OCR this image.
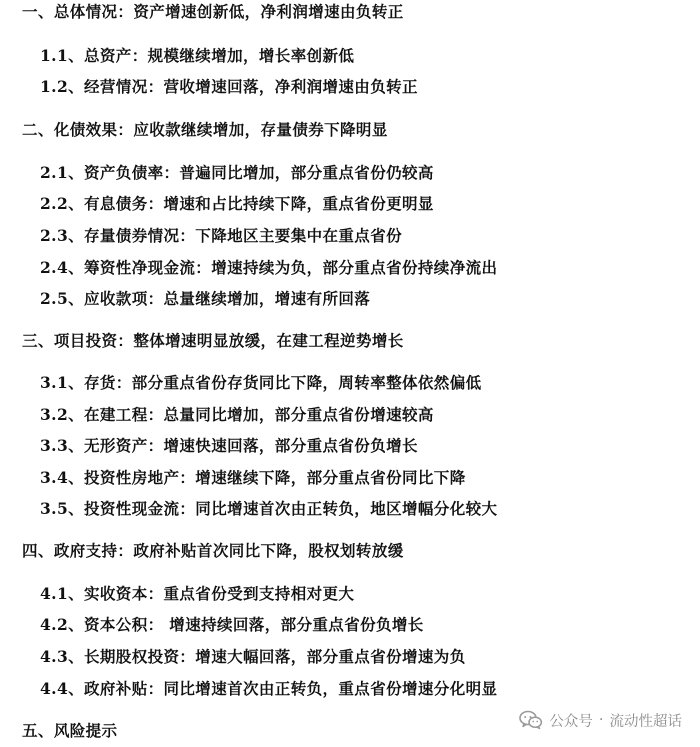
一、总体情况：资产增速创新低，净利润增速由负转正
1.1、总资产：规模继续增加，增长率创新低
1.2、经营情况：营收增速回落，净利润增速由负转正
二、化债效果：应收款继续增加，存量债券下降明显
2.1、资产负债率：普遍同比增加，部分重点省份仍较高
2.2、有息债务：增速和占比持续下降，重点省份更明显
2.3、存量债券情况：下降地区主要集中在重点省份
2.4、筹资性净现金流：增速持续为负，部分重点省份持续净流出
2.5、应收款项：总量继续增加，增速有所回落
三、项目投资：整体增速明显放缓，在建工程逆势增长
3.1、存货：部分重点省份存货同比下降，周转率整体依然偏低
3.2、在建工程：总量同比增加，部分重点省份增速较高
3.3、无形资产：增速快速回落，部分重点省份负增长
3.4、投资性房地产：增速继续下降，部分重点省份同比下降
3.5、投资性现金流：同比增速首次由正转负，地区增幅分化较大
四、政府支持：政府补贴首次同比下降，股权划转放缓
4.1、实收资本：重点省份受到支持相对更大
4.2、资本公积： 增速持续回落，部分重点省份负增长
4.3、长期股权投资：增速大幅回落，部分重点省份增速为负
4.4、政府补贴：同比增速首次由正转负，重点省份增速分化明显
五、风险提示	公众号 · 流动性超话
